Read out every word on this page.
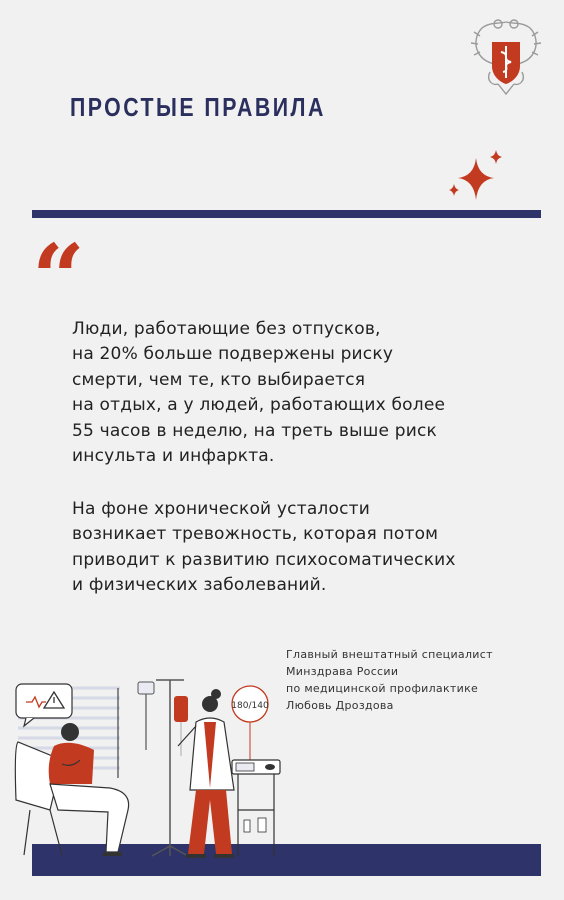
ПРОСТЫЕ ПРАВИЛА
“

Люди, работающие без отпусков,
на 20% больше подвержены риску
смерти, чем те, кто выбирается
на отдых, а у людей, работающих более
55 часов в неделю, на треть выше риск
инсульта и инфаркта.

На фоне хронической усталости
возникает тревожность, которая потом
приводит к развитию психосоматических
и физических заболеваний.

Главный внештатный специалист
Минздрава России
по медицинской профилактике
Любовь Дроздова
180/140
